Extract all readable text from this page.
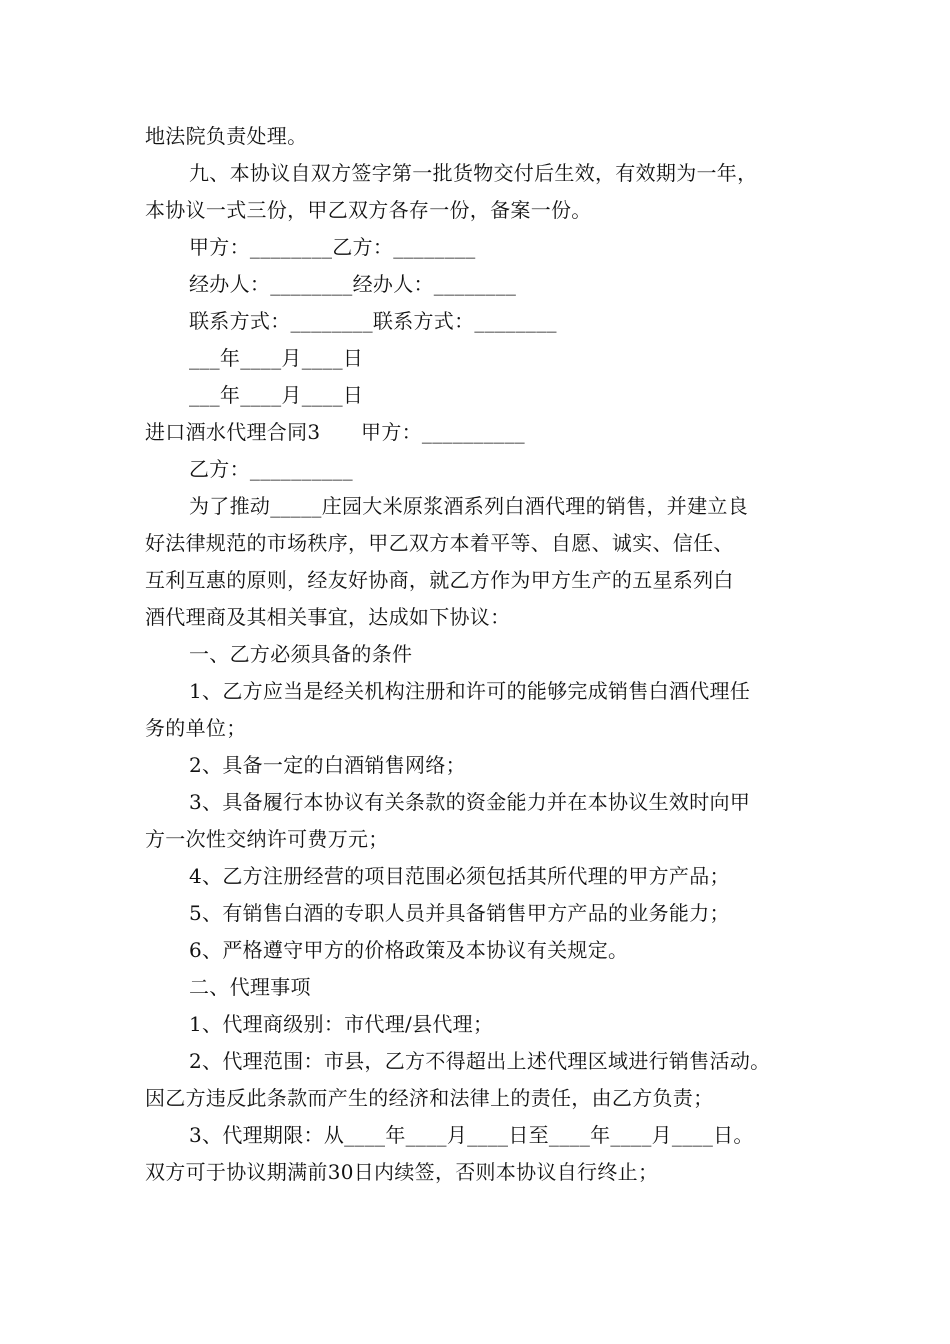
地法院负责处理。
九、本协议自双方签字第一批货物交付后生效，有效期为一年，
本协议一式三份，甲乙双方各存一份，备案一份。
甲方：________乙方：________
经办人：________经办人：________
联系方式：________联系方式：________
___年____月____日
___年____月____日
进口酒水代理合同3　　甲方：__________
乙方：__________
为了推动_____庄园大米原浆酒系列白酒代理的销售，并建立良
好法律规范的市场秩序，甲乙双方本着平等、自愿、诚实、信任、
互利互惠的原则，经友好协商，就乙方作为甲方生产的五星系列白
酒代理商及其相关事宜，达成如下协议：
一、乙方必须具备的条件
1、乙方应当是经关机构注册和许可的能够完成销售白酒代理任
务的单位；
2、具备一定的白酒销售网络；
3、具备履行本协议有关条款的资金能力并在本协议生效时向甲
方一次性交纳许可费万元；
4、乙方注册经营的项目范围必须包括其所代理的甲方产品；
5、有销售白酒的专职人员并具备销售甲方产品的业务能力；
6、严格遵守甲方的价格政策及本协议有关规定。
二、代理事项
1、代理商级别：市代理/县代理；
2、代理范围：市县，乙方不得超出上述代理区域进行销售活动。
因乙方违反此条款而产生的经济和法律上的责任，由乙方负责；
3、代理期限：从____年____月____日至____年____月____日。
双方可于协议期满前30日内续签，否则本协议自行终止；
